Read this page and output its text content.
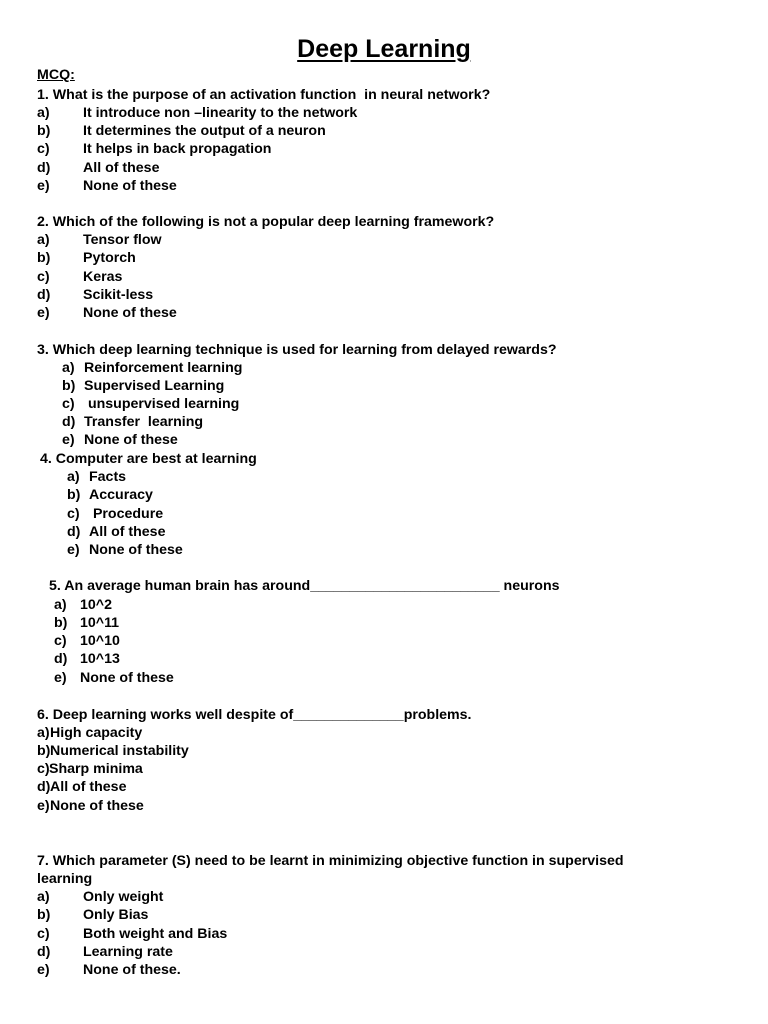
Deep Learning
MCQ:
1. What is the purpose of an activation function  in neural network?
a) It introduce non –linearity to the network
b) It determines the output of a neuron
c) It helps in back propagation
d) All of these
e) None of these
2. Which of the following is not a popular deep learning framework?
a) Tensor flow
b) Pytorch
c) Keras
d) Scikit-less
e) None of these
3. Which deep learning technique is used for learning from delayed rewards?
a) Reinforcement learning
b) Supervised Learning
c) unsupervised learning
d) Transfer  learning
e) None of these
4. Computer are best at learning
a) Facts
b) Accuracy
c) Procedure
d) All of these
e) None of these
5. An average human brain has around________________________ neurons
a) 10^2
b) 10^11
c) 10^10
d) 10^13
e) None of these
6. Deep learning works well despite of______________problems.
a) High capacity
b) Numerical instability
c) Sharp minima
d) All of these
e) None of these
7. Which parameter (S) need to be learnt in minimizing objective function in supervised
learning
a) Only weight
b) Only Bias
c) Both weight and Bias
d) Learning rate
e) None of these.
